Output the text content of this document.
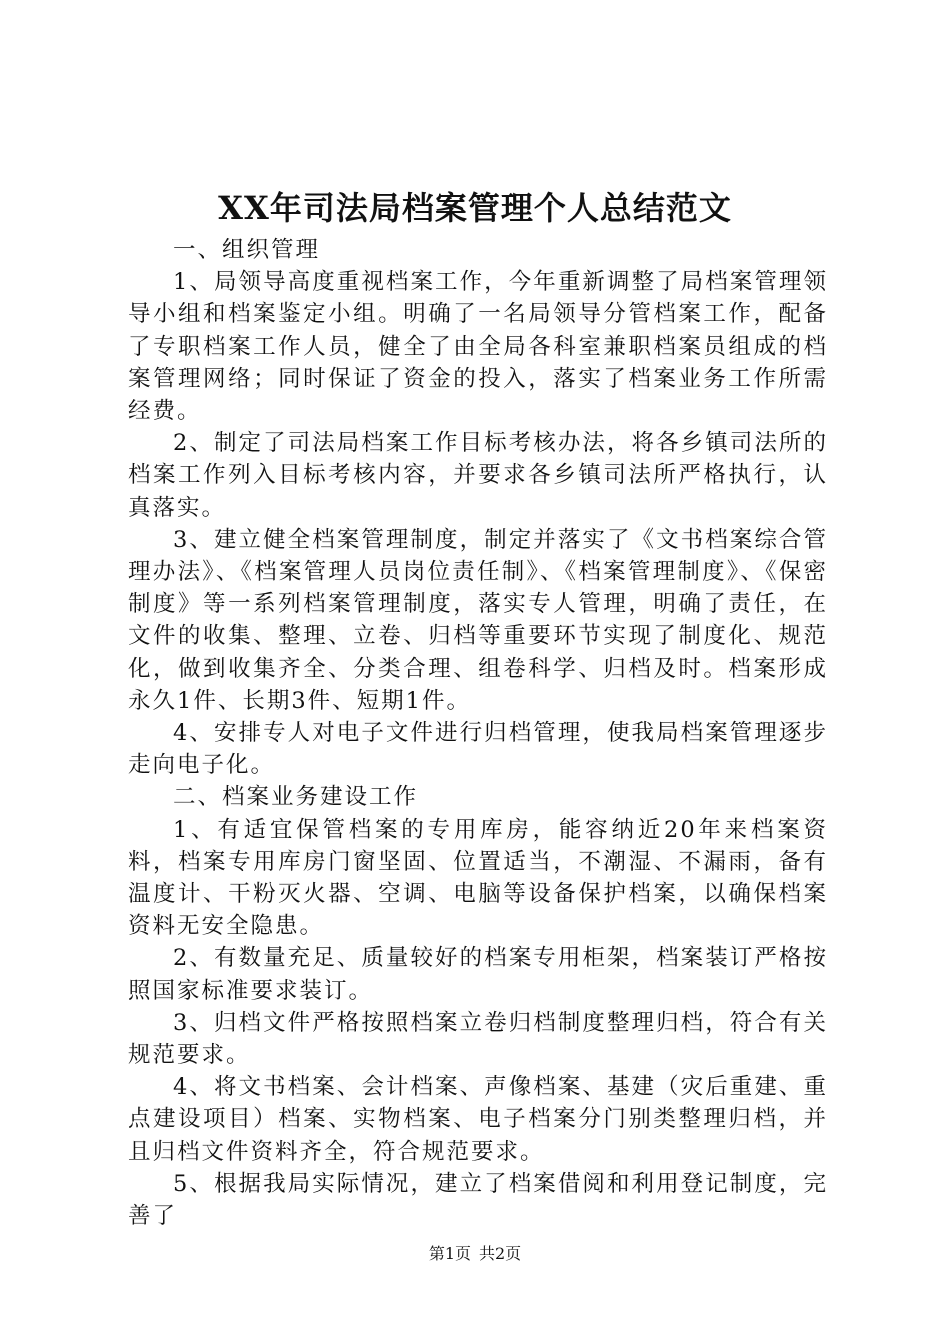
XX年司法局档案管理个人总结范文

一、组织管理

1、局领导高度重视档案工作，今年重新调整了局档案管理领导小组和档案鉴定小组。明确了一名局领导分管档案工作，配备了专职档案工作人员，健全了由全局各科室兼职档案员组成的档案管理网络；同时保证了资金的投入，落实了档案业务工作所需经费。

2、制定了司法局档案工作目标考核办法，将各乡镇司法所的档案工作列入目标考核内容，并要求各乡镇司法所严格执行，认真落实。

3、建立健全档案管理制度，制定并落实了《文书档案综合管理办法》、《档案管理人员岗位责任制》、《档案管理制度》、《保密制度》等一系列档案管理制度，落实专人管理，明确了责任，在文件的收集、整理、立卷、归档等重要环节实现了制度化、规范化，做到收集齐全、分类合理、组卷科学、归档及时。档案形成永久1件、长期3件、短期1件。

4、安排专人对电子文件进行归档管理，使我局档案管理逐步走向电子化。

二、档案业务建设工作

1、有适宜保管档案的专用库房，能容纳近20年来档案资料，档案专用库房门窗坚固、位置适当，不潮湿、不漏雨，备有温度计、干粉灭火器、空调、电脑等设备保护档案，以确保档案资料无安全隐患。

2、有数量充足、质量较好的档案专用柜架，档案装订严格按照国家标准要求装订。

3、归档文件严格按照档案立卷归档制度整理归档，符合有关规范要求。

4、将文书档案、会计档案、声像档案、基建（灾后重建、重点建设项目）档案、实物档案、电子档案分门别类整理归档，并且归档文件资料齐全，符合规范要求。

5、根据我局实际情况，建立了档案借阅和利用登记制度，完善了

第1页 共2页
